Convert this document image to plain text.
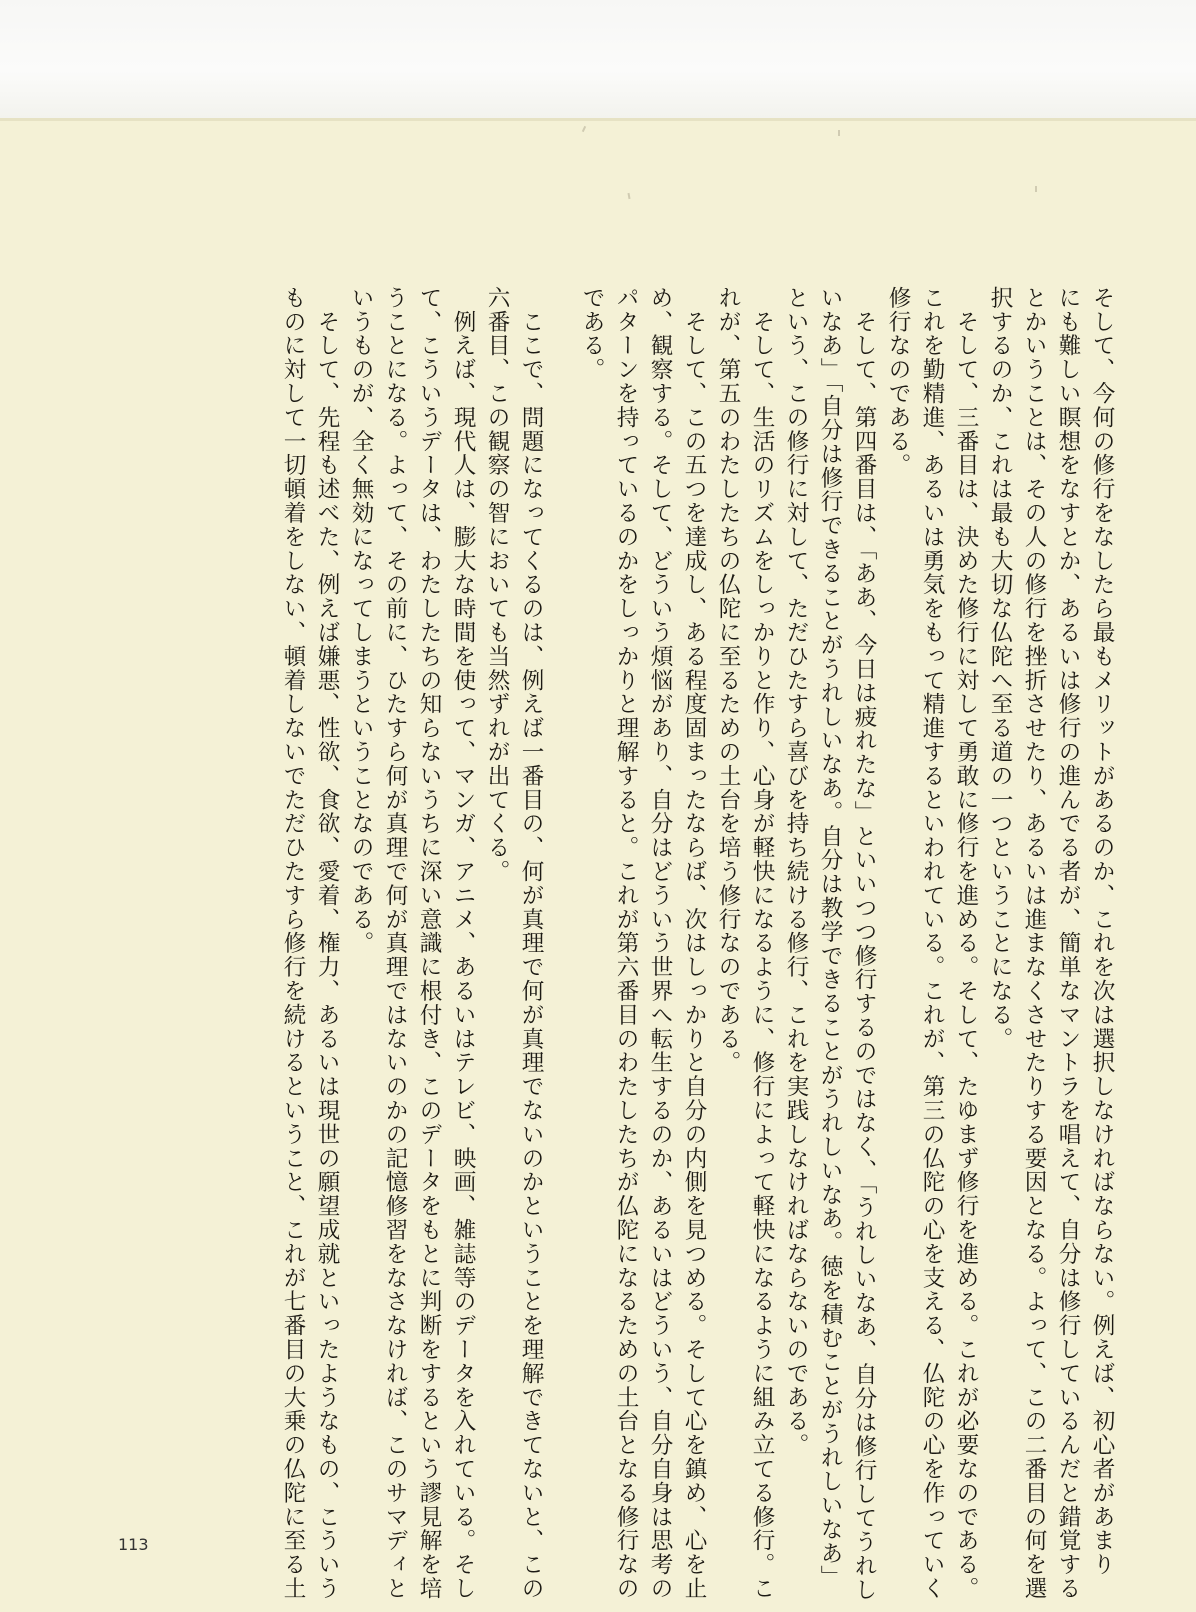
そして、今何の修行をなしたら最もメリットがあるのか、これを次は選択しなければならない。例えば、初心者があまり

にも難しい瞑想をなすとか、あるいは修行の進んでる者が、簡単なマントラを唱えて、自分は修行しているんだと錯覚する

とかいうことは、その人の修行を挫折させたり、あるいは進まなくさせたりする要因となる。よって、この二番目の何を選

択するのか、これは最も大切な仏陀へ至る道の一つということになる。

　そして、三番目は、決めた修行に対して勇敢に修行を進める。そして、たゆまず修行を進める。これが必要なのである。

これを勤精進、あるいは勇気をもって精進するといわれている。これが、第三の仏陀の心を支える、仏陀の心を作っていく

修行なのである。

　そして、第四番目は、「ああ、今日は疲れたな」といいつつ修行するのではなく、「うれしいなあ、自分は修行してうれし

いなあ」「自分は修行できることがうれしいなあ。自分は教学できることがうれしいなあ。徳を積むことがうれしいなあ」

という、この修行に対して、ただひたすら喜びを持ち続ける修行、これを実践しなければならないのである。

　そして、生活のリズムをしっかりと作り、心身が軽快になるように、修行によって軽快になるように組み立てる修行。こ

れが、第五のわたしたちの仏陀に至るための土台を培う修行なのである。

　そして、この五つを達成し、ある程度固まったならば、次はしっかりと自分の内側を見つめる。そして心を鎮め、心を止

め、観察する。そして、どういう煩悩があり、自分はどういう世界へ転生するのか、あるいはどういう、自分自身は思考の

パターンを持っているのかをしっかりと理解すると。これが第六番目のわたしたちが仏陀になるための土台となる修行なの

である。

　ここで、問題になってくるのは、例えば一番目の、何が真理で何が真理でないのかということを理解できてないと、この

六番目、この観察の智においても当然ずれが出てくる。

　例えば、現代人は、膨大な時間を使って、マンガ、アニメ、あるいはテレビ、映画、雑誌等のデータを入れている。そし

て、こういうデータは、わたしたちの知らないうちに深い意識に根付き、このデータをもとに判断をするという謬見解を培

うことになる。よって、その前に、ひたすら何が真理で何が真理ではないのかの記憶修習をなさなければ、このサマディと

いうものが、全く無効になってしまうということなのである。

　そして、先程も述べた、例えば嫌悪、性欲、食欲、愛着、権力、あるいは現世の願望成就といったようなもの、こういう

ものに対して一切頓着をしない、頓着しないでただひたすら修行を続けるということ、これが七番目の大乗の仏陀に至る土

113
